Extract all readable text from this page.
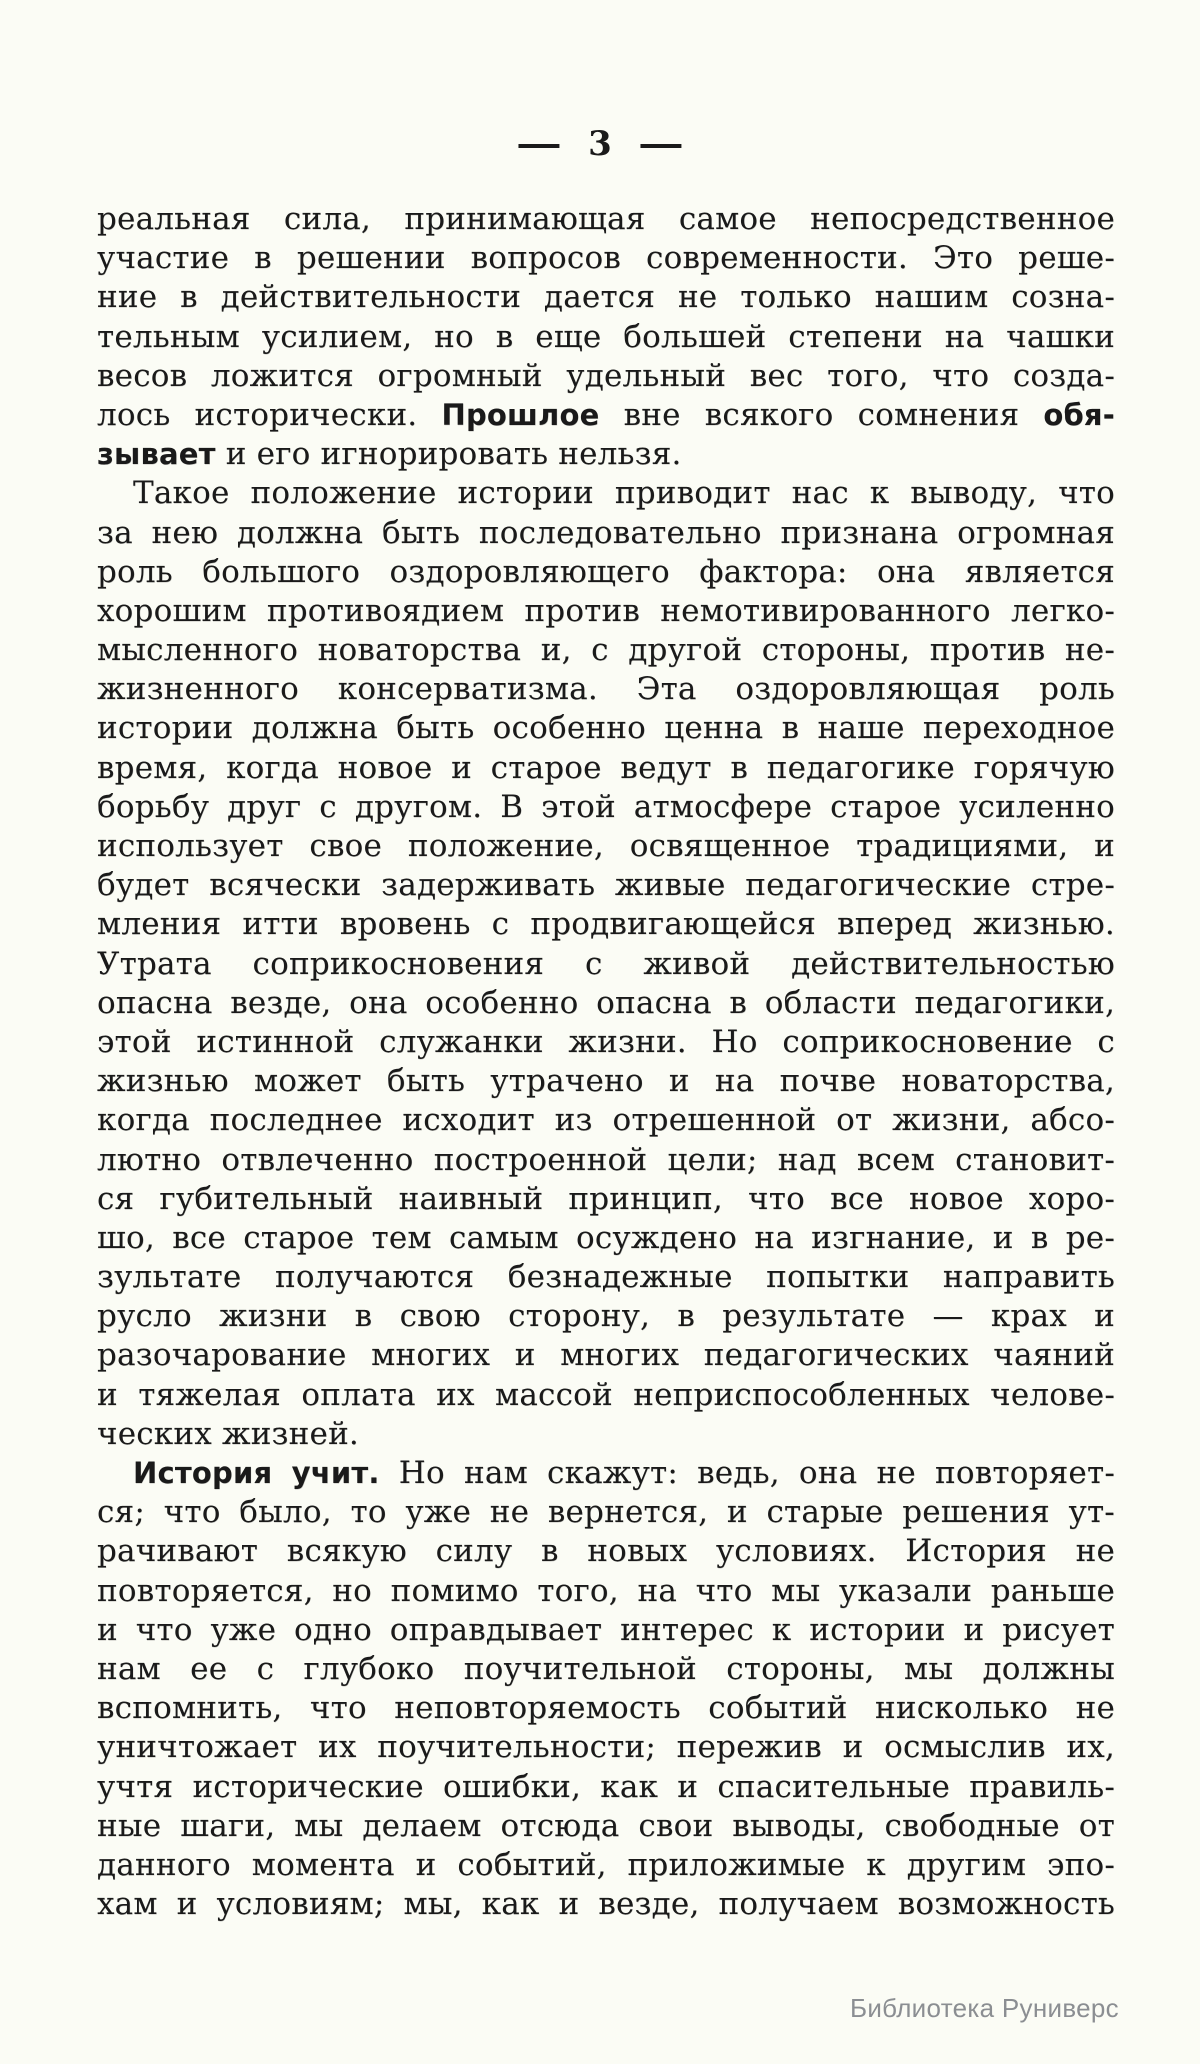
— 3 —
реальная сила, принимающая самое непосредственное
участие в решении вопросов современности. Это реше-
ние в действительности дается не только нашим созна-
тельным усилием, но в еще большей степени на чашки
весов ложится огромный удельный вес того, что созда-
лось исторически. Прошлое вне всякого сомнения обя-
зывает и его игнорировать нельзя.
Такое положение истории приводит нас к выводу, что
за нею должна быть последовательно признана огромная
роль большого оздоровляющего фактора: она является
хорошим противоядием против немотивированного легко-
мысленного новаторства и, с другой стороны, против не-
жизненного консерватизма. Эта оздоровляющая роль
истории должна быть особенно ценна в наше переходное
время, когда новое и старое ведут в педагогике горячую
борьбу друг с другом. В этой атмосфере старое усиленно
использует свое положение, освященное традициями, и
будет всячески задерживать живые педагогические стре-
мления итти вровень с продвигающейся вперед жизнью.
Утрата соприкосновения с живой действительностью
опасна везде, она особенно опасна в области педагогики,
этой истинной служанки жизни. Но соприкосновение с
жизнью может быть утрачено и на почве новаторства,
когда последнее исходит из отрешенной от жизни, абсо-
лютно отвлеченно построенной цели; над всем становит-
ся губительный наивный принцип, что все новое хоро-
шо, все старое тем самым осуждено на изгнание, и в ре-
зультате получаются безнадежные попытки направить
русло жизни в свою сторону, в результате — крах и
разочарование многих и многих педагогических чаяний
и тяжелая оплата их массой неприспособленных челове-
ческих жизней.
История учит. Но нам скажут: ведь, она не повторяет-
ся; что было, то уже не вернется, и старые решения ут-
рачивают всякую силу в новых условиях. История не
повторяется, но помимо того, на что мы указали раньше
и что уже одно оправдывает интерес к истории и рисует
нам ее с глубоко поучительной стороны, мы должны
вспомнить, что неповторяемость событий нисколько не
уничтожает их поучительности; пережив и осмыслив их,
учтя исторические ошибки, как и спасительные правиль-
ные шаги, мы делаем отсюда свои выводы, свободные от
данного момента и событий, приложимые к другим эпо-
хам и условиям; мы, как и везде, получаем возможность
Библиотека Руниверс
